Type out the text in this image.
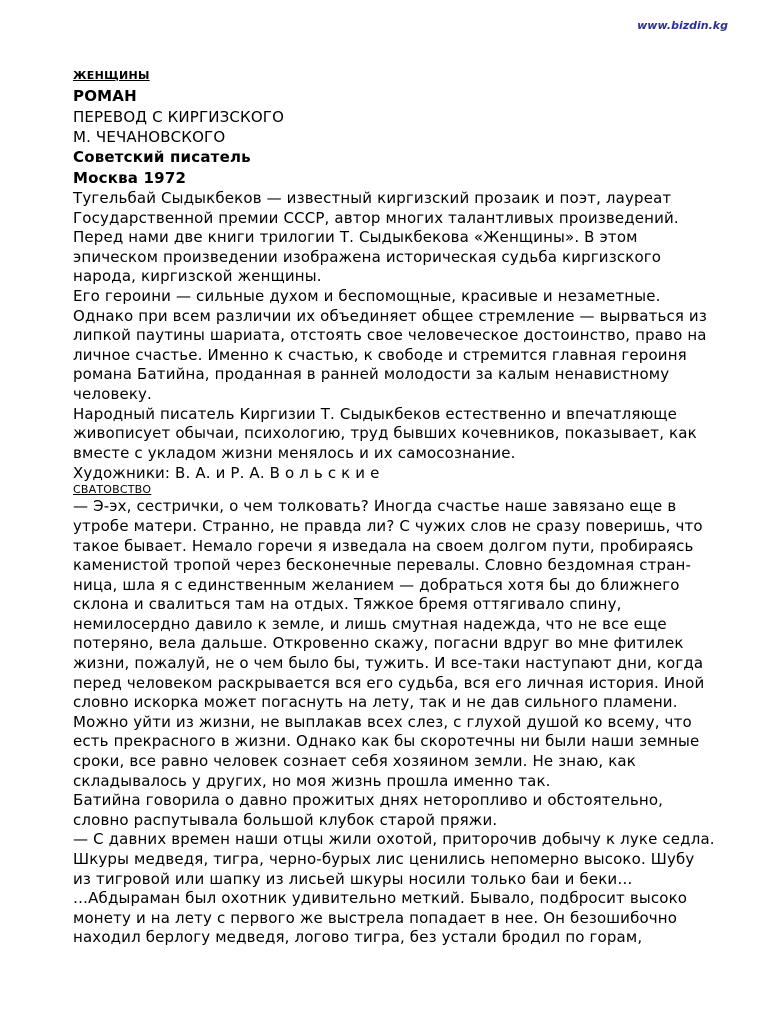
www.bizdin.kg
ЖЕНЩИНЫ
РОМАН
ПЕРЕВОД С КИРГИЗСКОГО
М. ЧЕЧАНОВСКОГО
Советский писатель
Москва 1972

Тугельбай Сыдыкбеков — известный киргизский прозаик и поэт, лауреат
Государственной премии СССР, автор многих талантливых произведений.
Перед нами две книги трилогии Т. Сыдыкбекова «Женщины». В этом
эпическом произведении изображена историческая судьба киргизского
народа, киргизской женщины.

Его героини — сильные духом и беспомощные, красивые и незаметные.
Однако при всем различии их объединяет общее стремление — вырваться из
липкой паутины шариата, отстоять свое человеческое достоинство, право на
личное счастье. Именно к счастью, к свободе и стремится главная героиня
романа Батийна, проданная в ранней молодости за калым ненавистному
человеку.

Народный писатель Киргизии Т. Сыдыкбеков естественно и впечатляюще
живописует обычаи, психологию, труд бывших кочевников, показывает, как
вместе с укладом жизни менялось и их самосознание.

Художники: В. А. и Р. А. В о л ь с к и е
СВАТОВСТВО

— Э-эх, сестрички, о чем толковать? Иногда счастье наше завязано еще в
утробе матери. Странно, не правда ли? С чужих слов не сразу поверишь, что
такое бывает. Немало горечи я изведала на своем долгом пути, пробираясь
каменистой тропой через бесконечные перевалы. Словно бездомная стран-
ница, шла я с единственным желанием — добраться хотя бы до ближнего
склона и свалиться там на отдых. Тяжкое бремя оттягивало спину,
немилосердно давило к земле, и лишь смутная надежда, что не все еще
потеряно, вела дальше. Откровенно скажу, погасни вдруг во мне фитилек
жизни, пожалуй, не о чем было бы, тужить. И все-таки наступают дни, когда
перед человеком раскрывается вся его судьба, вся его личная история. Иной
словно искорка может погаснуть на лету, так и не дав сильного пламени.
Можно уйти из жизни, не выплакав всех слез, с глухой душой ко всему, что
есть прекрасного в жизни. Однако как бы скоротечны ни были наши земные
сроки, все равно человек сознает себя хозяином земли. Не знаю, как
складывалось у других, но моя жизнь прошла именно так.

Батийна говорила о давно прожитых днях неторопливо и обстоятельно,
словно распутывала большой клубок старой пряжи.

— С давних времен наши отцы жили охотой, приторочив добычу к луке седла.
Шкуры медведя, тигра, черно-бурых лис ценились непомерно высоко. Шубу
из тигровой или шапку из лисьей шкуры носили только баи и беки…

…Абдыраман был охотник удивительно меткий. Бывало, подбросит высоко
монету и на лету с первого же выстрела попадает в нее. Он безошибочно
находил берлогу медведя, логово тигра, без устали бродил по горам,
